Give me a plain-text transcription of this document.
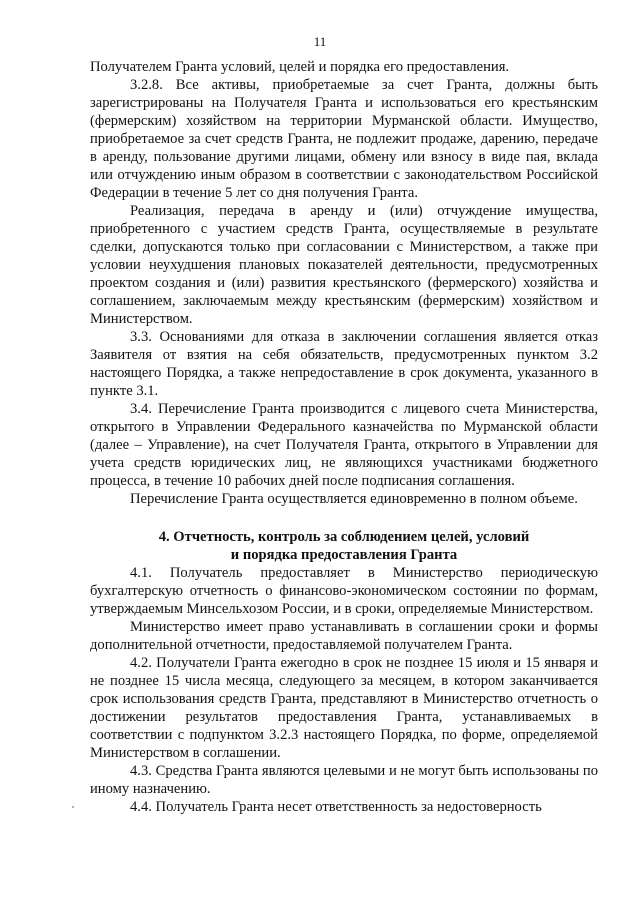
11

Получателем Гранта условий, целей и порядка его предоставления.

3.2.8. Все активы, приобретаемые за счет Гранта, должны быть зарегистрированы на Получателя Гранта и использоваться его крестьянским (фермерским) хозяйством на территории Мурманской области. Имущество, приобретаемое за счет средств Гранта, не подлежит продаже, дарению, передаче в аренду, пользование другими лицами, обмену или взносу в виде пая, вклада или отчуждению иным образом в соответствии с законодательством Российской Федерации в течение 5 лет со дня получения Гранта.

Реализация, передача в аренду и (или) отчуждение имущества, приобретенного с участием средств Гранта, осуществляемые в результате сделки, допускаются только при согласовании с Министерством, а также при условии неухудшения плановых показателей деятельности, предусмотренных проектом создания и (или) развития крестьянского (фермерского) хозяйства и соглашением, заключаемым между крестьянским (фермерским) хозяйством и Министерством.

3.3. Основаниями для отказа в заключении соглашения является отказ Заявителя от взятия на себя обязательств, предусмотренных пунктом 3.2 настоящего Порядка, а также непредоставление в срок документа, указанного в пункте 3.1.

3.4. Перечисление Гранта производится с лицевого счета Министерства, открытого в Управлении Федерального казначейства по Мурманской области (далее – Управление), на счет Получателя Гранта, открытого в Управлении для учета средств юридических лиц, не являющихся участниками бюджетного процесса, в течение 10 рабочих дней после подписания соглашения.

Перечисление Гранта осуществляется единовременно в полном объеме.

4. Отчетность, контроль за соблюдением целей, условий
и порядка предоставления Гранта

4.1. Получатель предоставляет в Министерство периодическую бухгалтерскую отчетность о финансово-экономическом состоянии по формам, утверждаемым Минсельхозом России, и в сроки, определяемые Министерством.

Министерство имеет право устанавливать в соглашении сроки и формы дополнительной отчетности, предоставляемой получателем Гранта.

4.2. Получатели Гранта ежегодно в срок не позднее 15 июля и 15 января и не позднее 15 числа месяца, следующего за месяцем, в котором заканчивается срок использования средств Гранта, представляют в Министерство отчетность о достижении результатов предоставления Гранта, устанавливаемых в соответствии с подпунктом 3.2.3 настоящего Порядка, по форме, определяемой Министерством в соглашении.

4.3. Средства Гранта являются целевыми и не могут быть использованы по иному назначению.

4.4. Получатель Гранта несет ответственность за недостоверность
